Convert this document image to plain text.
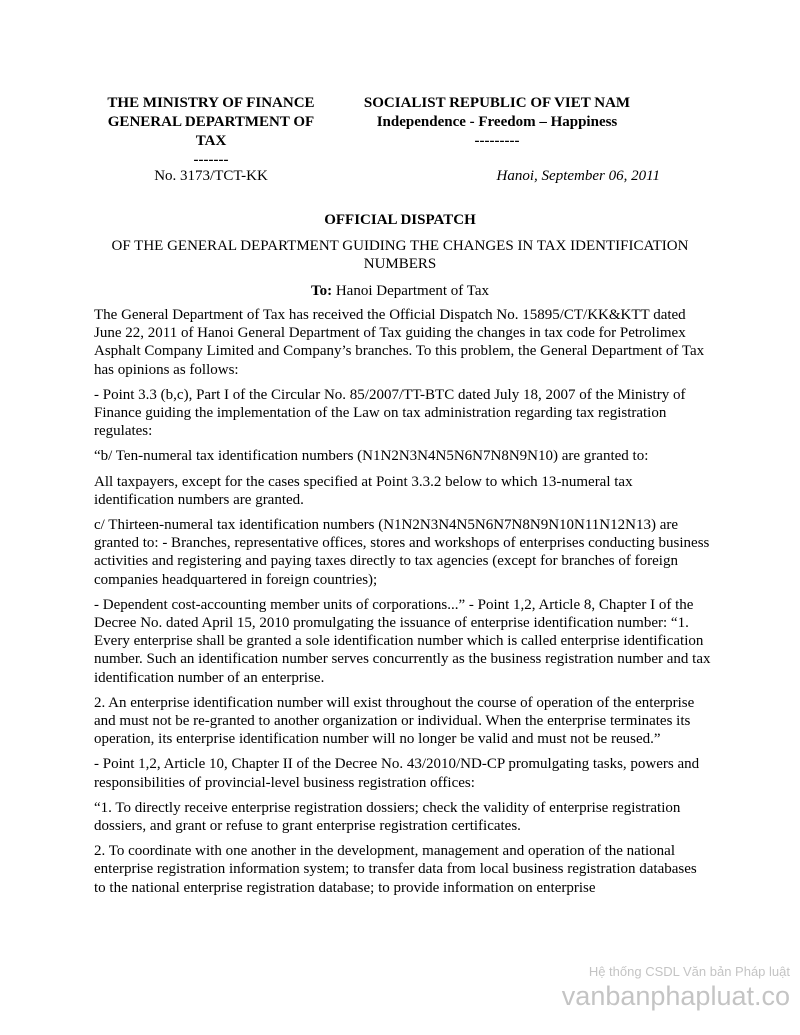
THE MINISTRY OF FINANCE
GENERAL DEPARTMENT OF
TAX
-------
SOCIALIST REPUBLIC OF VIET NAM
Independence - Freedom – Happiness
---------
No. 3173/TCT-KK	Hanoi, September 06, 2011
OFFICIAL DISPATCH
OF THE GENERAL DEPARTMENT GUIDING THE CHANGES IN TAX IDENTIFICATION NUMBERS
To: Hanoi Department of Tax

The General Department of Tax has received the Official Dispatch No. 15895/CT/KK&KTT dated June 22, 2011 of Hanoi General Department of Tax guiding the changes in tax code for Petrolimex Asphalt Company Limited and Company’s branches. To this problem, the General Department of Tax has opinions as follows:

- Point 3.3 (b,c), Part I of the Circular No. 85/2007/TT-BTC dated July 18, 2007 of the Ministry of Finance guiding the implementation of the Law on tax administration regarding tax registration regulates:

“b/ Ten-numeral tax identification numbers (N1N2N3N4N5N6N7N8N9N10) are granted to:

All taxpayers, except for the cases specified at Point 3.3.2 below to which 13-numeral tax identification numbers are granted.

c/ Thirteen-numeral tax identification numbers (N1N2N3N4N5N6N7N8N9N10N11N12N13) are granted to: - Branches, representative offices, stores and workshops of enterprises conducting business activities and registering and paying taxes directly to tax agencies (except for branches of foreign companies headquartered in foreign countries);

- Dependent cost-accounting member units of corporations...” - Point 1,2, Article 8, Chapter I of the Decree No. dated April 15, 2010 promulgating the issuance of enterprise identification number: “1. Every enterprise shall be granted a sole identification number which is called enterprise identification number. Such an identification number serves concurrently as the business registration number and tax identification number of an enterprise.

2. An enterprise identification number will exist throughout the course of operation of the enterprise and must not be re-granted to another organization or individual. When the enterprise terminates its operation, its enterprise identification number will no longer be valid and must not be reused.”

- Point 1,2, Article 10, Chapter II of the Decree No. 43/2010/ND-CP promulgating tasks, powers and responsibilities of provincial-level business registration offices:

“1. To directly receive enterprise registration dossiers; check the validity of enterprise registration dossiers, and grant or refuse to grant enterprise registration certificates.

2. To coordinate with one another in the development, management and operation of the national enterprise registration information system; to transfer data from local business registration databases to the national enterprise registration database; to provide information on enterprise

Hệ thống CSDL Văn bản Pháp luật
vanbanphapluat.co
